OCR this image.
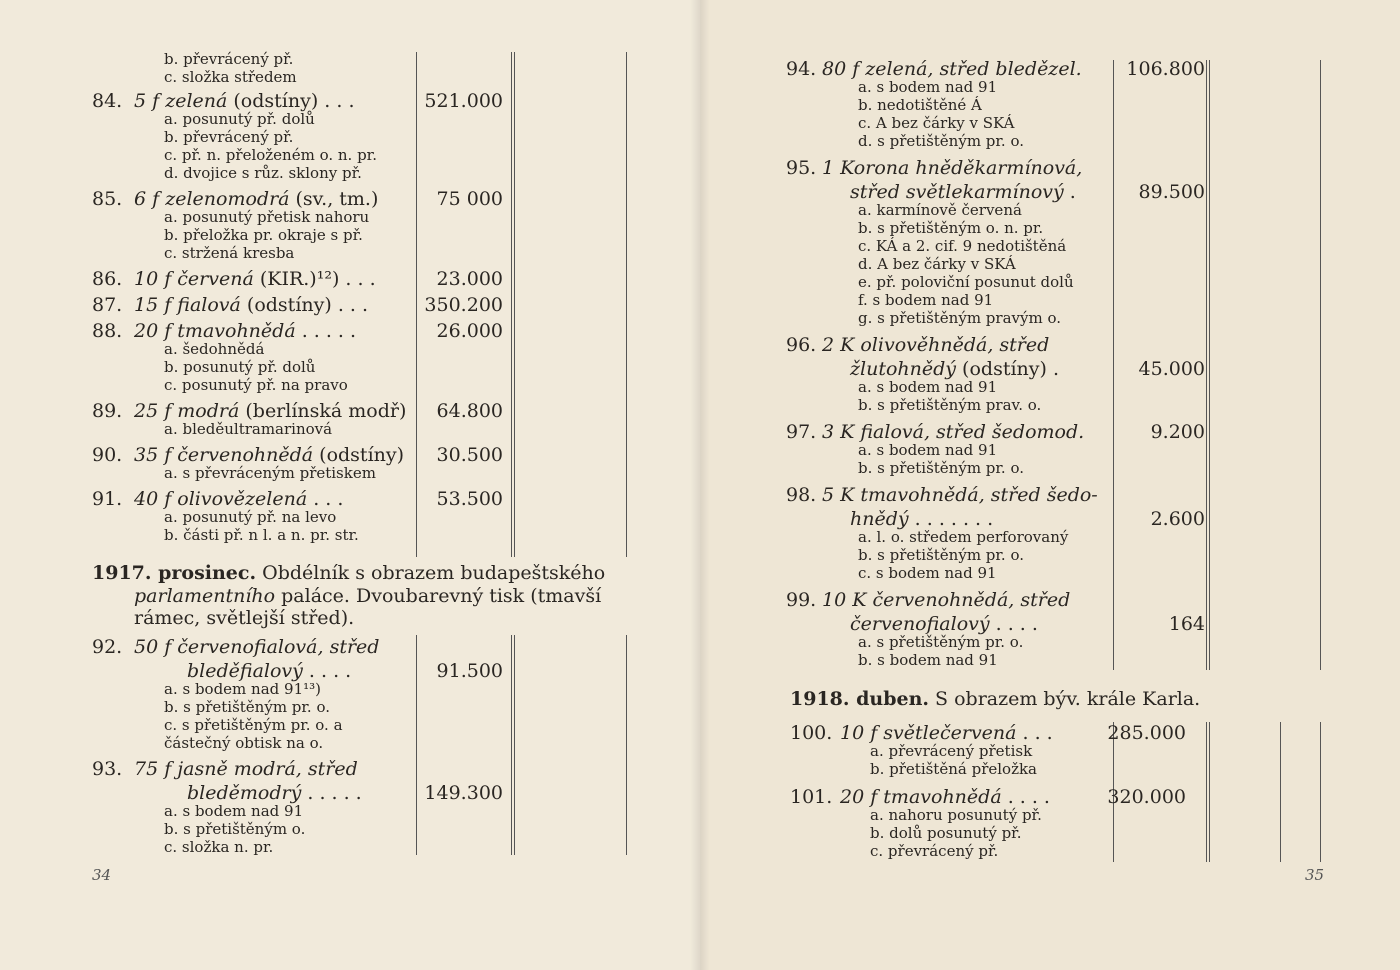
b. převrácený př.
c. složka středem
84. 5 f zelená (odstíny) . . .	521.000
a. posunutý př. dolů
b. převrácený př.
c. př. n. přeloženém o. n. pr.
d. dvojice s růz. sklony př.
85. 6 f zelenomodrá (sv., tm.)	75 000
a. posunutý přetisk nahoru
b. přeložka pr. okraje s př.
c. stržená kresba
86. 10 f červená (KIR.)¹²) . . .	23.000
87. 15 f fialová (odstíny) . . .	350.200
88. 20 f tmavohnědá . . . . .	26.000
a. šedohnědá
b. posunutý př. dolů
c. posunutý př. na pravo
89. 25 f modrá (berlínská modř) 64.800
a. bleděultramarinová
90. 35 f červenohnědá (odstíny) 30.500
a. s převráceným přetiskem
91. 40 f olivovězelená . . .	53.500
a. posunutý př. na levo
b. části př. n l. a n. pr. str.
1917. prosinec. Obdélník s obrazem budapeštského
parlamentního paláce. Dvoubarevný tisk (tmavší
rámec, světlejší střed).
92. 50 f červenofialová, střed
bleděfialový . . . .	91.500
a. s bodem nad 91¹³)
b. s přetištěným pr. o.
c. s přetištěným pr. o. a
částečný obtisk na o.
93. 75 f jasně modrá, střed
bleděmodrý . . . . .	149.300
a. s bodem nad 91
b. s přetištěným o.
c. složka n. pr.
34
94. 80 f zelená, střed bledězel. 106.800
a. s bodem nad 91
b. nedotištěné Á
c. A bez čárky v SKÁ
d. s přetištěným pr. o.
95. 1 Korona hněděkarmínová,
střed světlekarmínový .	89.500
a. karmínově červená
b. s přetištěným o. n. pr.
c. KÁ a 2. cif. 9 nedotištěná
d. A bez čárky v SKÁ
e. př. poloviční posunut dolů
f. s bodem nad 91
g. s přetištěným pravým o.
96. 2 K olivověhnědá, střed
žlutohnědý (odstíny) .	45.000
a. s bodem nad 91
b. s přetištěným prav. o.
97. 3 K fialová, střed šedomod.	9.200
a. s bodem nad 91
b. s přetištěným pr. o.
98. 5 K tmavohnědá, střed šedo-
hnědý . . . . . . .	2.600
a. l. o. středem perforovaný
b. s přetištěným pr. o.
c. s bodem nad 91
99. 10 K červenohnědá, střed
červenofialový . . . .	164
a. s přetištěným pr. o.
b. s bodem nad 91
1918. duben. S obrazem býv. krále Karla.
100. 10 f světlečervená . . .	285.000
a. převrácený přetisk
b. přetištěná přeložka
101. 20 f tmavohnědá . . . .	320.000
a. nahoru posunutý př.
b. dolů posunutý př.
c. převrácený př.
35
